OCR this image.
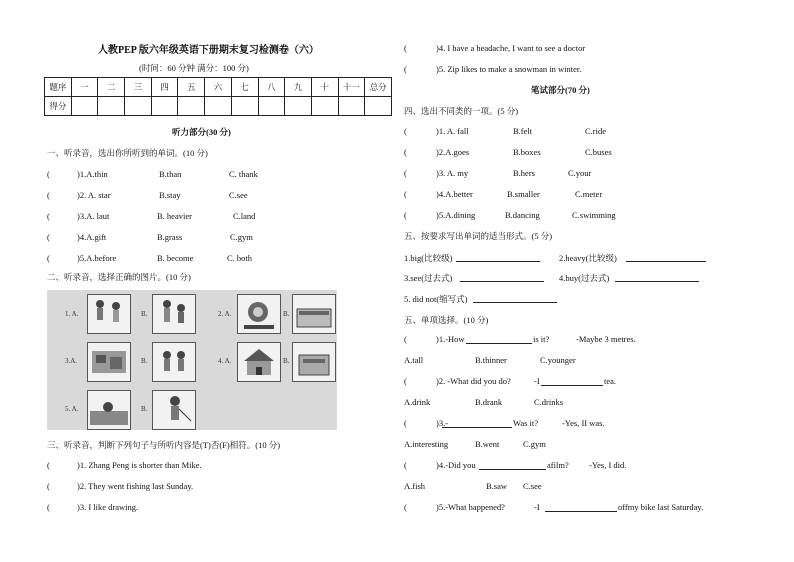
人教PEP 版六年级英语下册期末复习检测卷（六）
(时间：60 分钟 满分：100 分)
题序	一	二	三	四	五	六	七	八	九	十	十一	总分
得分												
听力部分(30 分)
一、听录音，选出你所听到的单词。(10 分)
(	)1.A.thin	B.than	C. thank
(	)2. A. star	B.stay	C.see
(	)3.A. laut	B. heavier	C.land
(	)4.A.gift	B.grass	C.gym
(	)5.A.before	B. become	C. both
二、听录音，选择正确的图片。(10 分)
1. A.	B.	2. A.	B.
3.A.	B.	4. A.	B.
5. A.	B.
三、听录音，判断下列句子与所听内容是(T)否(F)相符。(10 分)
(	)1. Zhang Peng is shorter than Mike.
(	)2. They went fishing last Sunday.
(	)3. I like drawing.
(	)4. I have a headache, I want to see a doctor
(	)5. Zip likes to make a snowman in winter.
笔试部分(70 分)
四、选出不同类的一项。(5 分)
(	)1. A. fall	B.felt	C.ride
(	)2.A.goes	B.boxes	C.buses
(	)3. A. my	B.hers	C.your
(	)4.A.better	B.smaller	C.meter
(	)5.A.dining	B.dancing	C.swimming
五、按要求写出单词的适当形式。(5 分)
1.big(比较级)	2.heavy(比较级)
3.see(过去式)	4.buy(过去式)
5. did not(缩写式)
五、单项选择。(10 分)
(	)1.-How	is it?	-Maybe 3 metres.
A.tall	B.thinner	C.younger
(	)2. -What did you do?	-I	tea.
A.drink	B.drank	C.drinks
(	)3.-	Was it?	-Yes, II was.
A.interesting	B.went	C.gym
(	)4.-Did you	afilm? -Yes, I did.
A.fish	B.saw C.see
(	)5.-What happened?	-I	offmy bike last Saturday.
